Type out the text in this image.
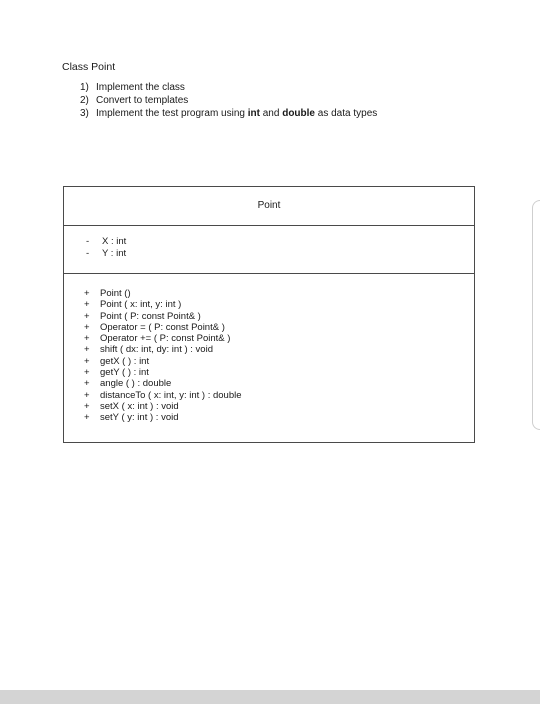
Class Point
1) Implement the class
2) Convert to templates
3) Implement the test program using int and double as data types
Point
- X : int
- Y : int
+ Point ()
+ Point ( x: int, y: int )
+ Point ( P: const Point& )
+ Operator = ( P: const Point& )
+ Operator += ( P: const Point& )
+ shift ( dx: int, dy: int ) : void
+ getX ( ) : int
+ getY ( ) : int
+ angle ( ) : double
+ distanceTo ( x: int, y: int ) : double
+ setX ( x: int ) : void
+ setY ( y: int ) : void
